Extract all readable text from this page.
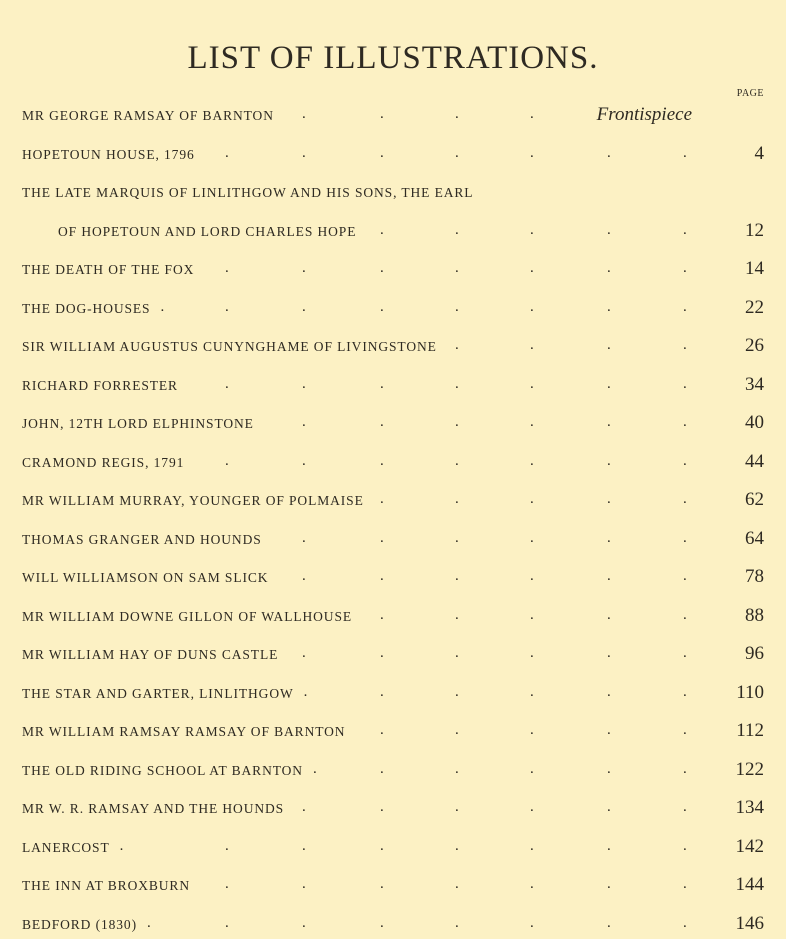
LIST OF ILLUSTRATIONS.
PAGE
MR GEORGE RAMSAY OF BARNTON	Frontispiece
.	.	.	.
HOPETOUN HOUSE, 1796	4
.	.	.	.	.	.	.
THE LATE MARQUIS OF LINLITHGOW AND HIS SONS, THE EARL
OF HOPETOUN AND LORD CHARLES HOPE	12
.	.	.	.	.
THE DEATH OF THE FOX	14
.	.	.	.	.	.	.
THE DOG-HOUSES	22
.	.	.	.	.	.	.	.
SIR WILLIAM AUGUSTUS CUNYNGHAME OF LIVINGSTONE	26
.	.	.	.
RICHARD FORRESTER	34
.	.	.	.	.	.	.
JOHN, 12TH LORD ELPHINSTONE	40
.	.	.	.	.	.
CRAMOND REGIS, 1791	44
.	.	.	.	.	.	.
MR WILLIAM MURRAY, YOUNGER OF POLMAISE	62
.	.	.	.	.
THOMAS GRANGER AND HOUNDS	64
.	.	.	.	.	.
WILL WILLIAMSON ON SAM SLICK	78
.	.	.	.	.	.
MR WILLIAM DOWNE GILLON OF WALLHOUSE	88
.	.	.	.	.
MR WILLIAM HAY OF DUNS CASTLE	96
.	.	.	.	.	.
THE STAR AND GARTER, LINLITHGOW	110
.	.	.	.	.	.
MR WILLIAM RAMSAY RAMSAY OF BARNTON	112
.	.	.	.	.
THE OLD RIDING SCHOOL AT BARNTON	122
.	.	.	.	.	.
MR W. R. RAMSAY AND THE HOUNDS	134
.	.	.	.	.	.
LANERCOST	142
.	.	.	.	.	.	.	.
THE INN AT BROXBURN	144
.	.	.	.	.	.	.
BEDFORD (1830)	146
.	.	.	.	.	.	.	.
